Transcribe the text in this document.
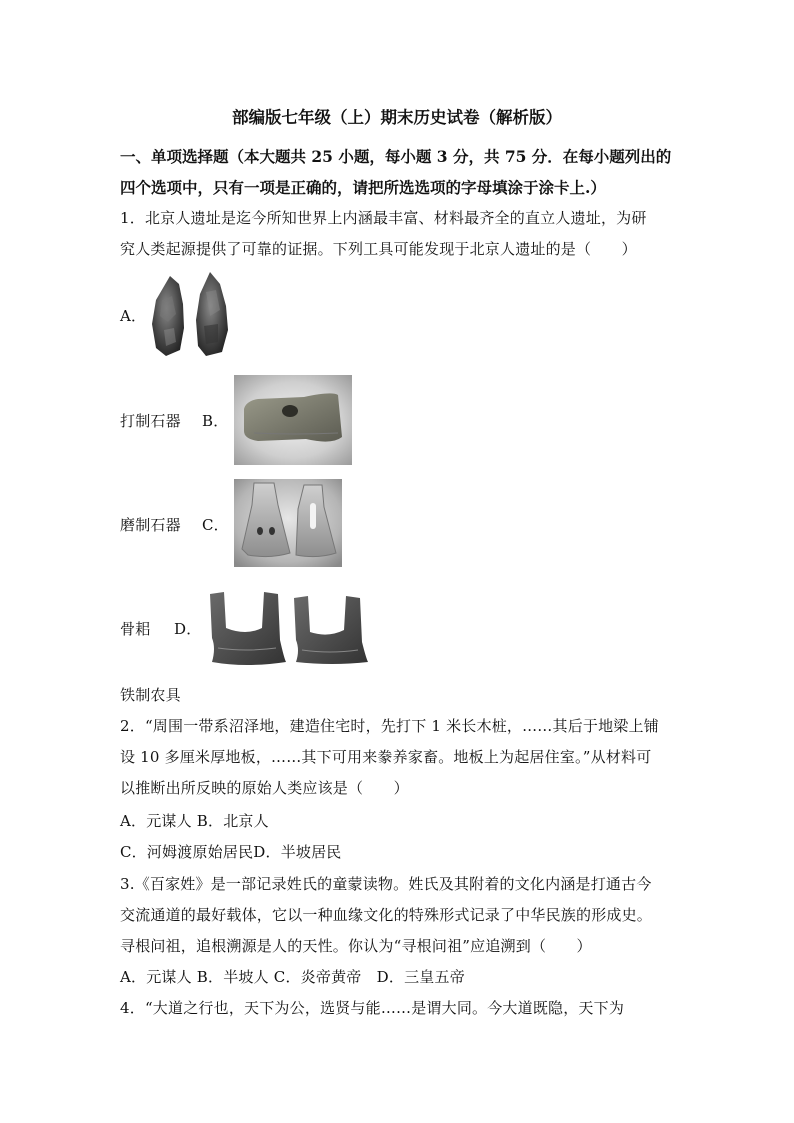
部编版七年级（上）期末历史试卷（解析版）
一、单项选择题（本大题共 25 小题，每小题 3 分，共 75 分．在每小题列出的
四个选项中，只有一项是正确的，请把所选选项的字母填涂于涂卡上.）
1．北京人遗址是迄今所知世界上内涵最丰富、材料最齐全的直立人遗址，为研
究人类起源提供了可靠的证据。下列工具可能发现于北京人遗址的是（　　）
A．
打制石器 B．
磨制石器 C．
骨耜 D．
铁制农具
2．“周围一带系沼泽地，建造住宅时，先打下 1 米长木桩，……其后于地梁上铺
设 10 多厘米厚地板，……其下可用来豢养家畜。地板上为起居住室。”从材料可
以推断出所反映的原始人类应该是（　　）
A．元谋人 B．北京人
C．河姆渡原始居民D．半坡居民
3.《百家姓》是一部记录姓氏的童蒙读物。姓氏及其附着的文化内涵是打通古今
交流通道的最好载体，它以一种血缘文化的特殊形式记录了中华民族的形成史。
寻根问祖，追根溯源是人的天性。你认为“寻根问祖”应追溯到（　　）
A．元谋人 B．半坡人 C．炎帝黄帝　D．三皇五帝
4．“大道之行也，天下为公，选贤与能……是谓大同。今大道既隐，天下为
